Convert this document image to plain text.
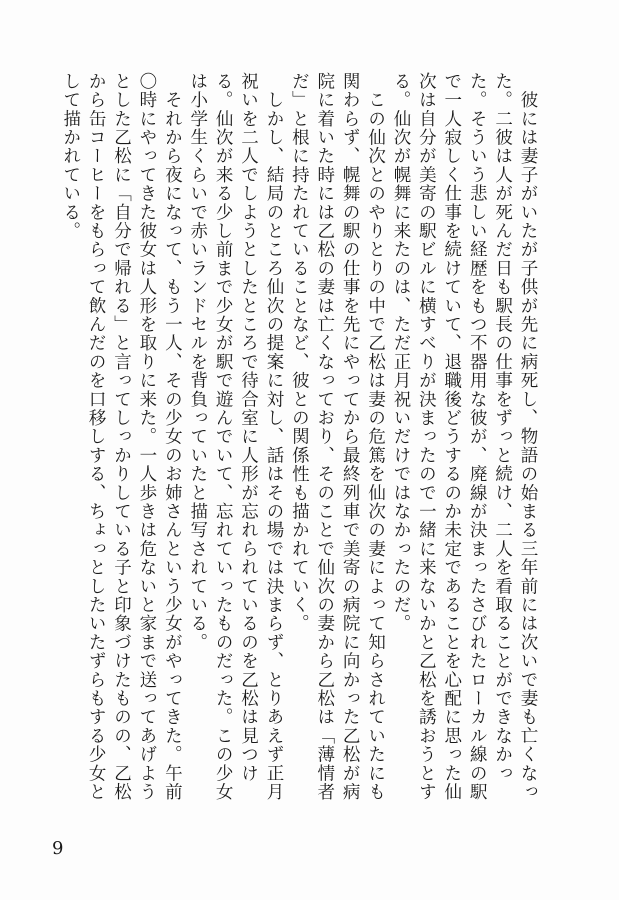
　彼には妻子がいたが子供が先に病死し、物語の始まる三年前には次いで妻も亡くなった。二彼は人が死んだ日も駅長の仕事をずっと続け、二人を看取ることができなかった。そういう悲しい経歴をもつ不器用な彼が、廃線が決まったさびれたローカル線の駅で一人寂しく仕事を続けていて、退職後どうするのか未定であることを心配に思った仙次は自分が美寄の駅ビルに横すべりが決まったので一緒に来ないかと乙松を誘おうとする。仙次が幌舞に来たのは、ただ正月祝いだけではなかったのだ。

　この仙次とのやりとりの中で乙松は妻の危篤を仙次の妻によって知らされていたにも関わらず、幌舞の駅の仕事を先にやってから最終列車で美寄の病院に向かった乙松が病院に着いた時には乙松の妻は亡くなっており、そのことで仙次の妻から乙松は「薄情者だ」と根に持たれていることなど、彼との関係性も描かれていく。

　しかし、結局のところ仙次の提案に対し、話はその場では決まらず、とりあえず正月祝いを二人でしようとしたところで待合室に人形が忘れられているのを乙松は見つける。仙次が来る少し前まで少女が駅で遊んでいて、忘れていったものだった。この少女は小学生くらいで赤いランドセルを背負っていたと描写されている。

　それから夜になって、もう一人、その少女のお姉さんという少女がやってきた。午前〇時にやってきた彼女は人形を取りに来た。一人歩きは危ないと家まで送ってあげようとした乙松に「自分で帰れる」と言ってしっかりしている子と印象づけたものの、乙松から缶コーヒーをもらって飲んだのを口移しする、ちょっとしたいたずらもする少女として描かれている。

9
